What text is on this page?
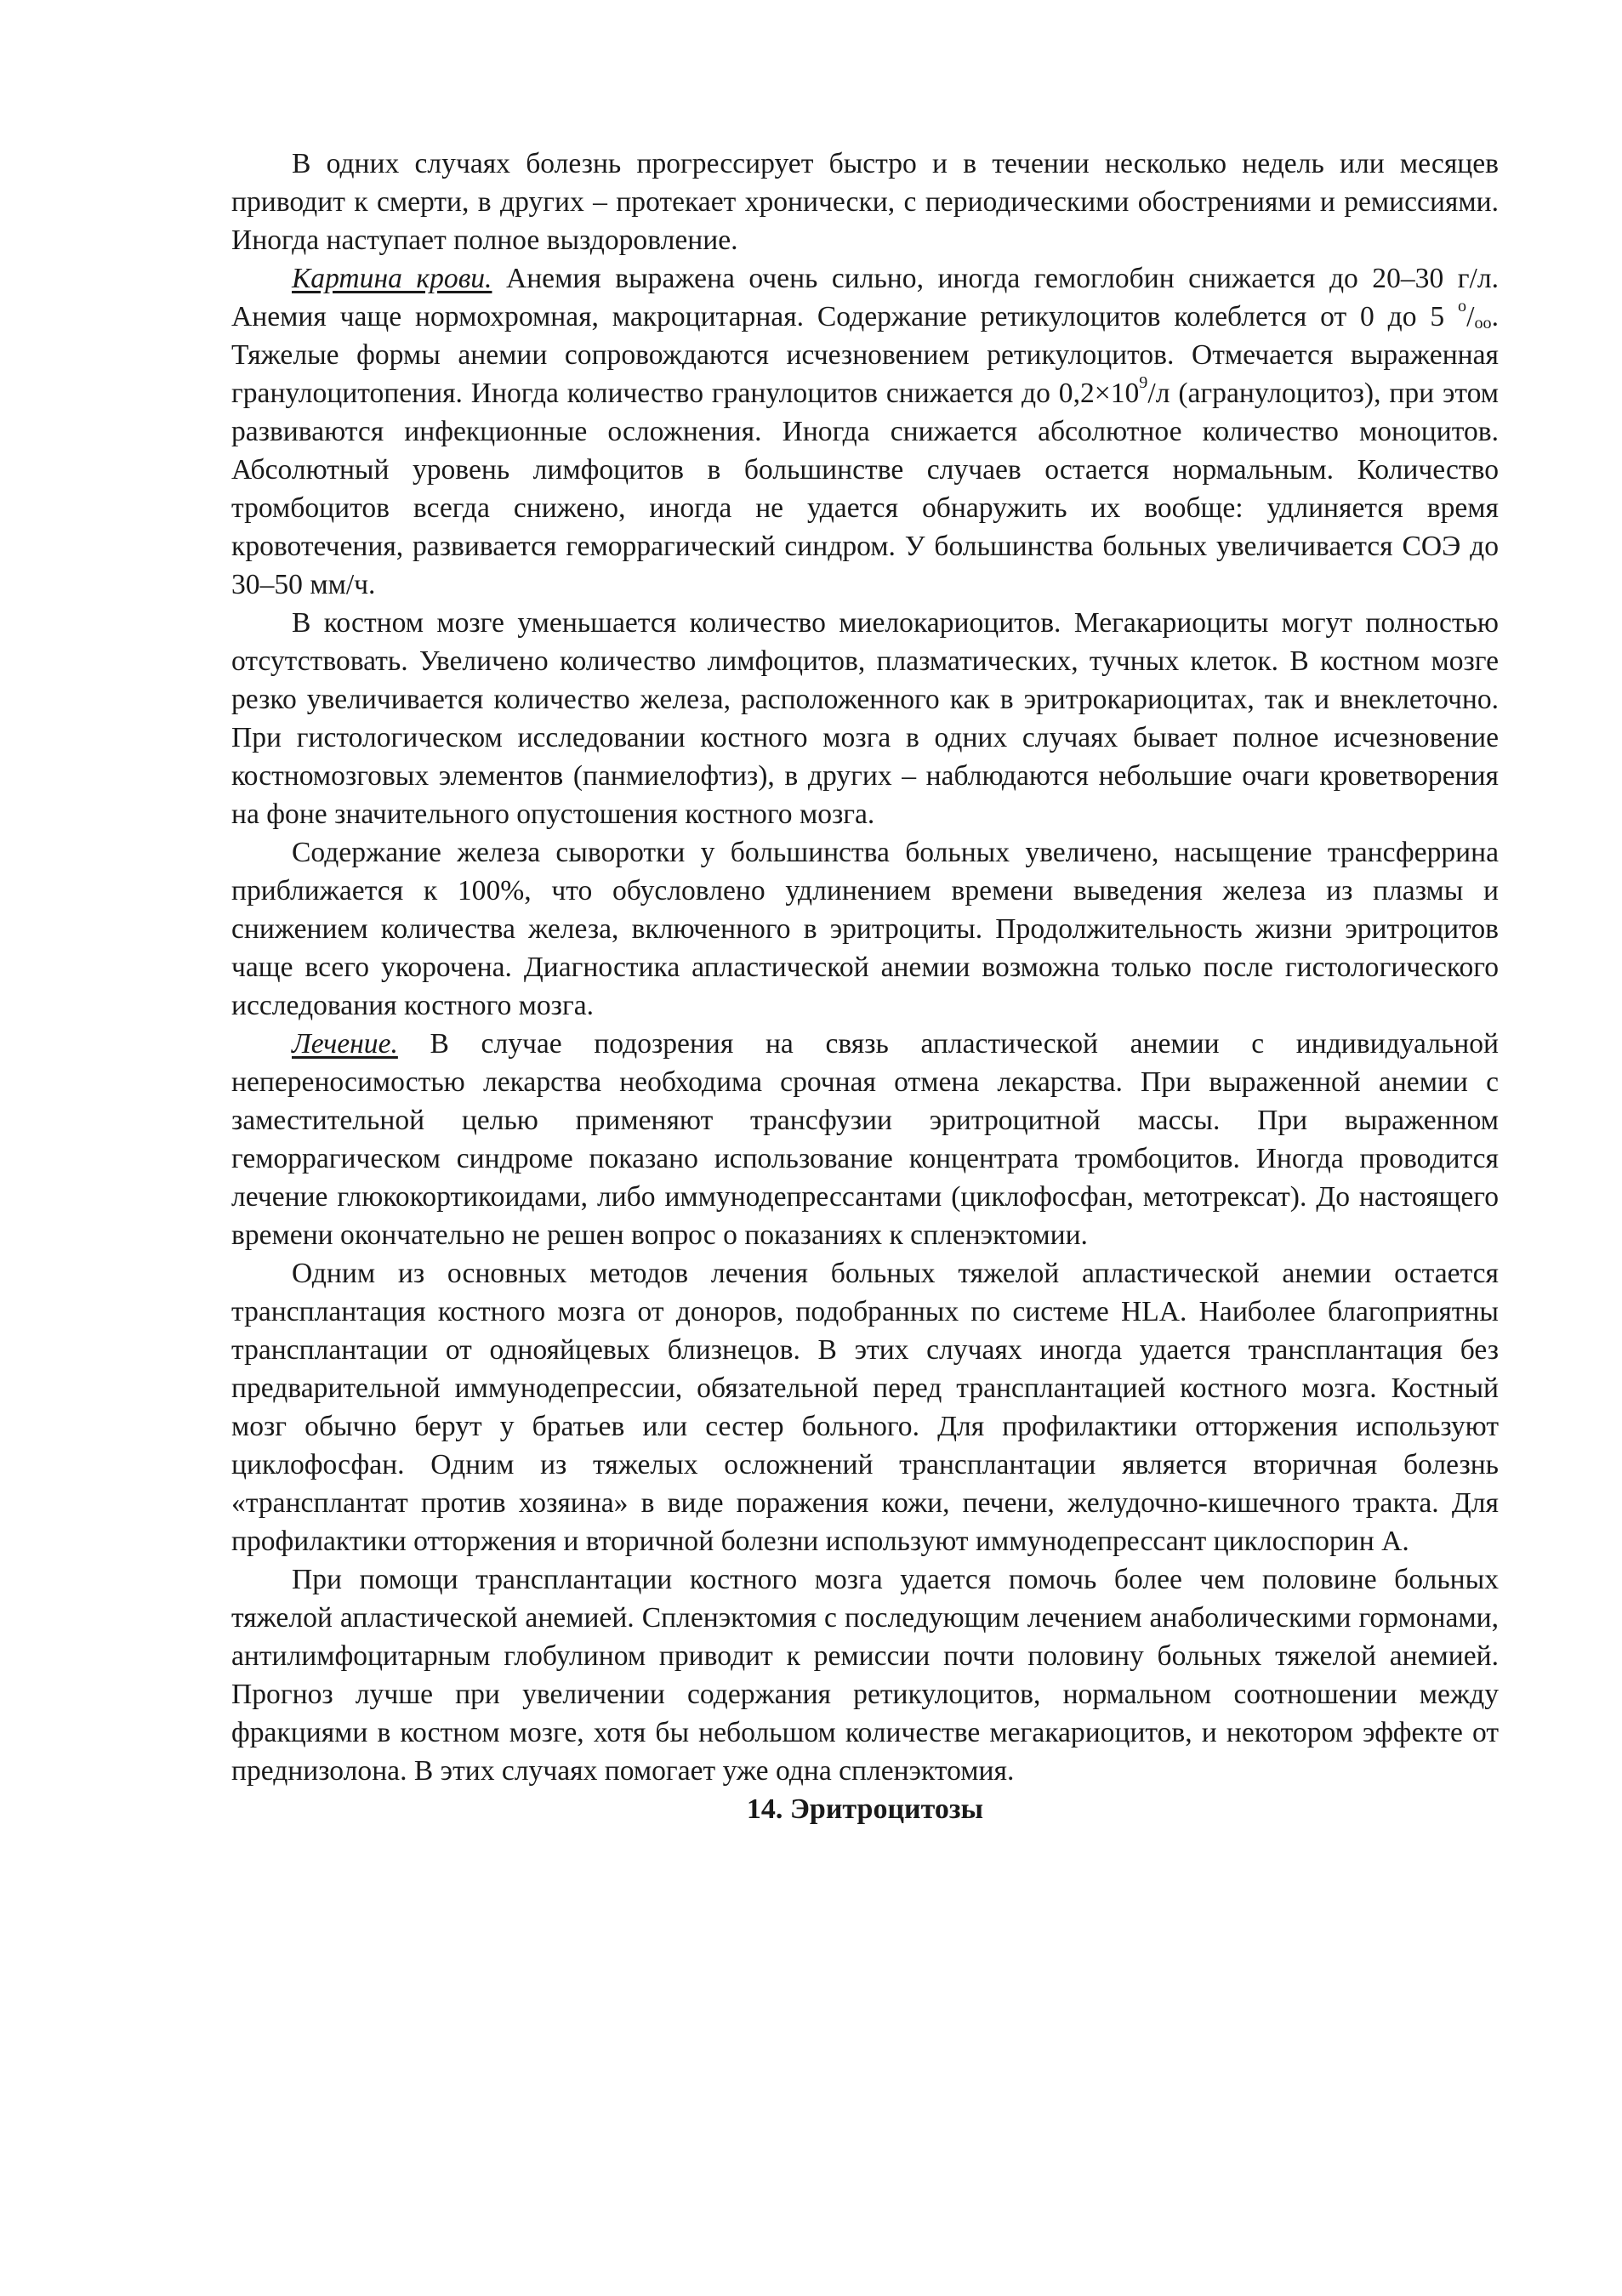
В одних случаях болезнь прогрессирует быстро и в течении несколько недель или месяцев приводит к смерти, в других – протекает хронически, с периодическими обострениями и ремиссиями. Иногда наступает полное выздоровление.

Картина крови. Анемия выражена очень сильно, иногда гемоглобин снижается до 20–30 г/л. Анемия чаще нормохромная, макроцитарная. Содержание ретикулоцитов колеблется от 0 до 5 $^о/_{оо}$. Тяжелые формы анемии сопровождаются исчезновением ретикулоцитов. Отмечается выраженная гранулоцитопения. Иногда количество гранулоцитов снижается до $0,2\times 10^9/л$ (агранулоцитоз), при этом развиваются инфекционные осложнения. Иногда снижается абсолютное количество моноцитов. Абсолютный уровень лимфоцитов в большинстве случаев остается нормальным. Количество тромбоцитов всегда снижено, иногда не удается обнаружить их вообще: удлиняется время кровотечения, развивается геморрагический синдром. У большинства больных увеличивается СОЭ до 30–50 мм/ч.

В костном мозге уменьшается количество миелокариоцитов. Мегакариоциты могут полностью отсутствовать. Увеличено количество лимфоцитов, плазматических, тучных клеток. В костном мозге резко увеличивается количество железа, расположенного как в эритрокариоцитах, так и внеклеточно. При гистологическом исследовании костного мозга в одних случаях бывает полное исчезновение костномозговых элементов (панмиелофтиз), в других – наблюдаются небольшие очаги кроветворения на фоне значительного опустошения костного мозга.

Содержание железа сыворотки у большинства больных увеличено, насыщение трансферрина приближается к 100%, что обусловлено удлинением времени выведения железа из плазмы и снижением количества железа, включенного в эритроциты. Продолжительность жизни эритроцитов чаще всего укорочена. Диагностика апластической анемии возможна только после гистологического исследования костного мозга.

Лечение. В случае подозрения на связь апластической анемии с индивидуальной непереносимостью лекарства необходима срочная отмена лекарства. При выраженной анемии с заместительной целью применяют трансфузии эритроцитной массы. При выраженном геморрагическом синдроме показано использование концентрата тромбоцитов. Иногда проводится лечение глюкокортикоидами, либо иммунодепрессантами (циклофосфан, метотрексат). До настоящего времени окончательно не решен вопрос о показаниях к спленэктомии.

Одним из основных методов лечения больных тяжелой апластической анемии остается трансплантация костного мозга от доноров, подобранных по системе HLA. Наиболее благоприятны трансплантации от однояйцевых близнецов. В этих случаях иногда удается трансплантация без предварительной иммунодепрессии, обязательной перед трансплантацией костного мозга. Костный мозг обычно берут у братьев или сестер больного. Для профилактики отторжения используют циклофосфан. Одним из тяжелых осложнений трансплантации является вторичная болезнь «трансплантат против хозяина» в виде поражения кожи, печени, желудочно-кишечного тракта. Для профилактики отторжения и вторичной болезни используют иммунодепрессант циклоспорин А.

При помощи трансплантации костного мозга удается помочь более чем половине больных тяжелой апластической анемией. Спленэктомия с последующим лечением анаболическими гормонами, антилимфоцитарным глобулином приводит к ремиссии почти половину больных тяжелой анемией. Прогноз лучше при увеличении содержания ретикулоцитов, нормальном соотношении между фракциями в костном мозге, хотя бы небольшом количестве мегакариоцитов, и некотором эффекте от преднизолона. В этих случаях помогает уже одна спленэктомия.

14. Эритроцитозы
